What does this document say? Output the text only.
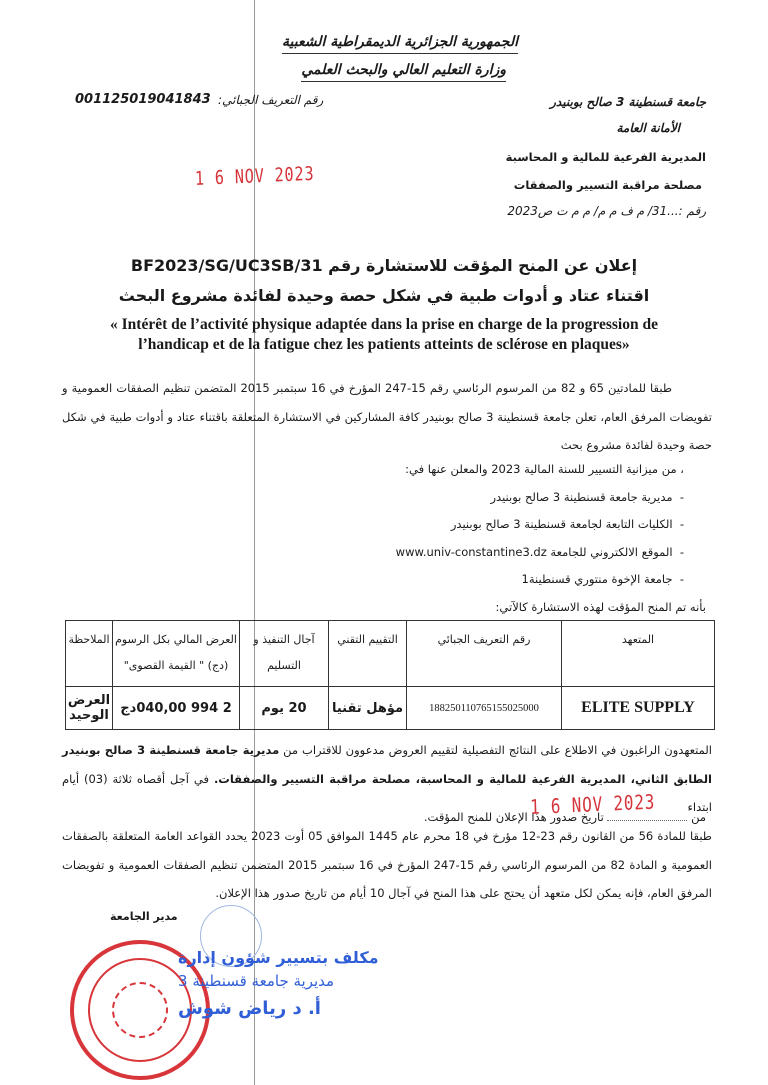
الجمهورية الجزائرية الديمقراطية الشعبية
وزارة التعليم العالي والبحث العلمي
001125019041843 رقم التعريف الجبائي:	جامعة قسنطينة 3 صالح بوبنيدر
الأمانة العامة
المديرية الفرعية للمالية و المحاسبة
مصلحة مراقبة التسيير والصفقات
رقم :...31/ م ف م م/ م م ت ص2023
1 6 NOV 2023
إعلان عن المنح المؤقت للاستشارة رقم BF2023/SG/UC3SB/31
اقتناء عتاد و أدوات طبية في شكل حصة وحيدة لفائدة مشروع البحث
« Intérêt de l’activité physique adaptée dans la prise en charge de la progression de
l’handicap et de la fatigue chez les patients atteints de sclérose en plaques»
طبقا للمادتين 65 و 82 من المرسوم الرئاسي رقم 15-247 المؤرخ في 16 سبتمبر 2015 المتضمن تنظيم الصفقات العمومية و تفويضات المرفق العام، تعلن جامعة قسنطينة 3 صالح بوبنيدر كافة المشاركين في الاستشارة المتعلقة باقتناء عتاد و أدوات طبية في شكل حصة وحيدة لفائدة مشروع بحث
، من ميزانية التسيير للسنة المالية 2023 والمعلن عنها في:
-  مديرية جامعة قسنطينة 3 صالح بوبنيدر
-  الكليات التابعة لجامعة قسنطينة 3 صالح بوبنيدر
-  الموقع الالكتروني للجامعة www.univ-constantine3.dz
-  جامعة الإخوة منتوري قسنطينة1
بأنه تم المنح المؤقت لهذه الاستشارة كالآتي:
المتعهد	رقم التعريف الجبائي	التقييم التقني	آجال التنفيذ و التسليم	العرض المالي بكل الرسوم (دج) " القيمة القصوى"	الملاحظة
ELITE SUPPLY	188250110765155025000	مؤهل تقنيا	20 يوم	2 994 040,00دج	العرض الوحيد
المتعهدون الراغبون في الاطلاع على النتائج التفصيلية لتقييم العروض مدعوون للاقتراب من مديرية جامعة قسنطينة 3 صالح بوبنيدر الطابق الثاني، المديرية الفرعية للمالية و المحاسبة، مصلحة مراقبة التسيير والصفقات. في آجل أقصاه ثلاثة (03) أيام ابتداء
من  تاريخ صدور هذا الإعلان للمنح المؤقت.
1 6 NOV 2023
طبقا للمادة 56 من القانون رقم 23-12 مؤرخ في 18 محرم عام 1445 الموافق 05 أوت 2023 يحدد القواعد العامة المتعلقة بالصفقات العمومية و المادة 82 من المرسوم الرئاسي رقم 15-247 المؤرخ في 16 سبتمبر 2015 المتضمن تنظيم الصفقات العمومية و تفويضات المرفق العام، فإنه يمكن لكل متعهد أن يحتج على هذا المنح في آجال 10 أيام من تاريخ صدور هذا الإعلان.
مدير الجامعة
مكلف بتسيير شؤون إدارة
مديرية جامعة قسنطينة 3
أ. د رياض شوش
